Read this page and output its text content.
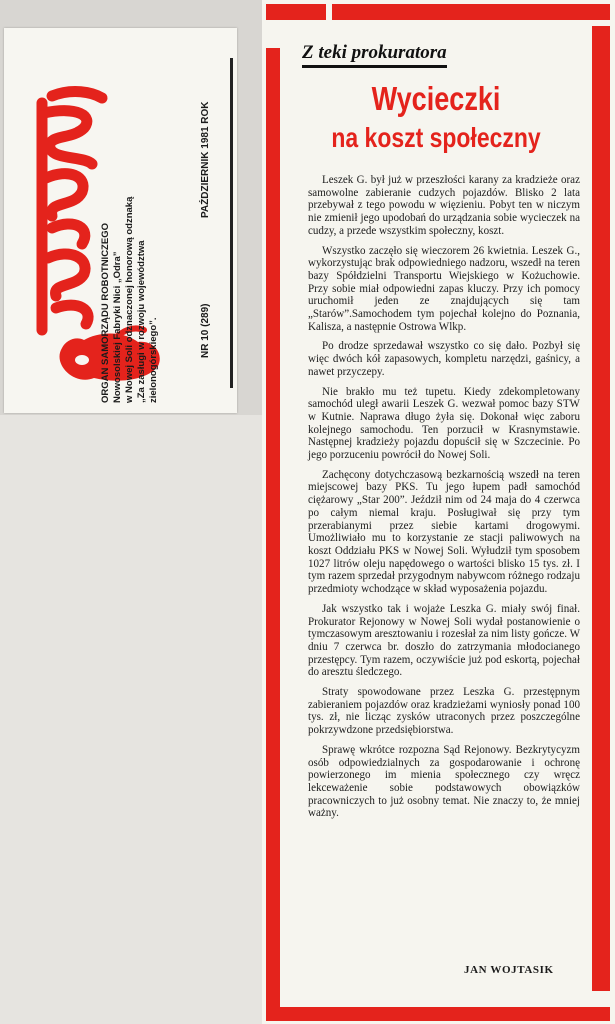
ORGAN SAMORZĄDU ROBOTNICZEGO Nowosolskiej Fabryki Nici „Odra” w Nowej Soli odznaczonej honorową odznaką „Za zasługi w rozwoju województwa zielonogórskiego”.	NR 10 (289)
PAŹDZIERNIK 1981 ROK
Z teki prokuratora
Wycieczki
na koszt społeczny

Leszek G. był już w przeszłości karany za kradzieże oraz samowolne zabieranie cudzych pojazdów. Blisko 2 lata przebywał z tego powodu w więzieniu. Pobyt ten w niczym nie zmienił jego upodobań do urządzania sobie wycieczek na cudzy, a przede wszystkim społeczny, koszt.

Wszystko zaczęło się wieczorem 26 kwietnia. Leszek G., wykorzystując brak odpowiedniego nadzoru, wszedł na teren bazy Spółdzielni Transportu Wiejskiego w Kożuchowie. Przy sobie miał odpowiedni zapas kluczy. Przy ich pomocy uruchomił jeden ze znajdujących się tam „Starów”.Samochodem tym pojechał kolejno do Poznania, Kalisza, a następnie Ostrowa Wlkp.

Po drodze sprzedawał wszystko co się dało. Pozbył się więc dwóch kół zapasowych, kompletu narzędzi, gaśnicy, a nawet przyczepy.

Nie brakło mu też tupetu. Kiedy zdekompletowany samochód uległ awarii Leszek G. wezwał pomoc bazy STW w Kutnie. Naprawa długo żyła się. Dokonał więc zaboru kolejnego samochodu. Ten porzucił w Krasnymstawie. Następnej kradzieży pojazdu dopuścił się w Szczecinie. Po jego porzuceniu powrócił do Nowej Soli.

Zachęcony dotychczasową bezkarnością wszedł na teren miejscowej bazy PKS. Tu jego łupem padł samochód ciężarowy „Star 200”. Jeździł nim od 24 maja do 4 czerwca po całym niemal kraju. Posługiwał się przy tym przerabianymi przez siebie kartami drogowymi. Umożliwiało mu to korzystanie ze stacji paliwowych na koszt Oddziału PKS w Nowej Soli. Wyłudził tym sposobem 1027 litrów oleju napędowego o wartości blisko 15 tys. zł. I tym razem sprzedał przygodnym nabywcom różnego rodzaju przedmioty wchodzące w skład wyposażenia pojazdu.

Jak wszystko tak i wojaże Leszka G. miały swój finał. Prokurator Rejonowy w Nowej Soli wydał postanowienie o tymczasowym aresztowaniu i rozesłał za nim listy gończe. W dniu 7 czerwca br. doszło do zatrzymania młodocianego przestępcy. Tym razem, oczywiście już pod eskortą, pojechał do aresztu śledczego.

Straty spowodowane przez Leszka G. przestępnym zabieraniem pojazdów oraz kradzieżami wyniosły ponad 100 tys. zł, nie licząc zysków utraconych przez poszczególne pokrzywdzone przedsiębiorstwa.

Sprawę wkrótce rozpozna Sąd Rejonowy. Bezkrytycyzm osób odpowiedzialnych za gospodarowanie i ochronę powierzonego im mienia społecznego czy wręcz lekceważenie sobie podstawowych obowiązków pracowniczych to już osobny temat. Nie znaczy to, że mniej ważny.

JAN WOJTASIK
